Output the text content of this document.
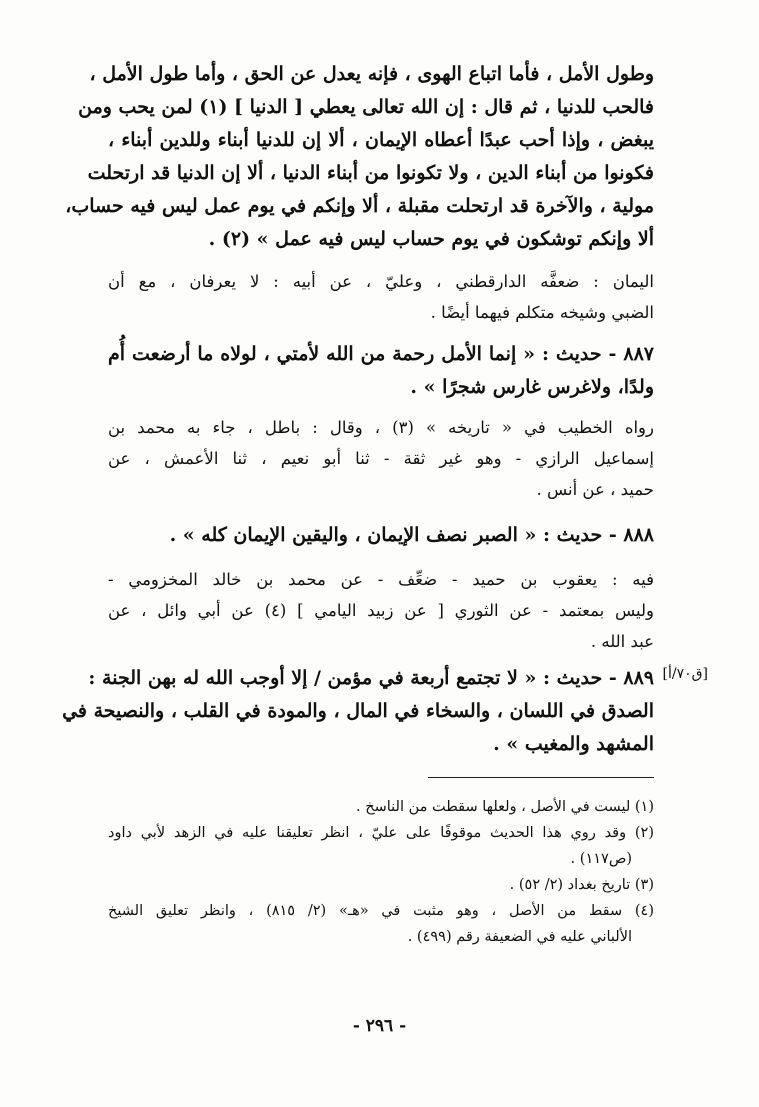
وطول الأمل ، فأما اتباع الهوى ، فإنه يعدل عن الحق ، وأما طول الأمل ،
فالحب للدنيا ، ثم قال : إن الله تعالى يعطي [ الدنيا ] (١) لمن يحب ومن
يبغض ، وإذا أحب عبدًا أعطاه الإيمان ، ألا إن للدنيا أبناء وللدين أبناء ،
فكونوا من أبناء الدين ، ولا تكونوا من أبناء الدنيا ، ألا إن الدنيا قد ارتحلت
مولية ، والآخرة قد ارتحلت مقبلة ، ألا وإنكم في يوم عمل ليس فيه حساب،
ألا وإنكم توشكون في يوم حساب ليس فيه عمل » (٢) .
اليمان : ضعفَّه الدارقطني ، وعليّ ، عن أبيه : لا يعرفان ، مع أن
الضبي وشيخه متكلم فيهما أيضًا .
٨٨٧ - حديث : « إنما الأمل رحمة من الله لأمتي ، لولاه ما أرضعت أُم
ولدًا، ولاغرس غارس شجرًا » .
رواه الخطيب في « تاريخه » (٣) ، وقال : باطل ، جاء به محمد بن
إسماعيل الرازي - وهو غير ثقة - ثنا أبو نعيم ، ثنا الأعمش ، عن
حميد ، عن أنس .
٨٨٨ - حديث : « الصبر نصف الإيمان ، واليقين الإيمان كله » .
فيه : يعقوب بن حميد - ضعِّف - عن محمد بن خالد المخزومي -
وليس بمعتمد - عن الثوري [ عن زبيد اليامي ] (٤) عن أبي وائل ، عن
عبد الله .
[ق٧٠/أ]
٨٨٩ - حديث : « لا تجتمع أربعة في مؤمن / إلا أوجب الله له بهن الجنة :
الصدق في اللسان ، والسخاء في المال ، والمودة في القلب ، والنصيحة في
المشهد والمغيب » .
(١) ليست في الأصل ، ولعلها سقطت من الناسخ .
(٢) وقد روي هذا الحديث موقوفًا على عليّ ، انظر تعليقنا عليه في الزهد لأبي داود
(ص١١٧) .
(٣) تاريخ بغداد (٢/ ٥٢) .
(٤) سقط من الأصل ، وهو مثبت في «هـ» (٢/ ٨١٥) ، وانظر تعليق الشيخ
الألباني عليه في الضعيفة رقم (٤٩٩) .
- ٢٩٦ -
